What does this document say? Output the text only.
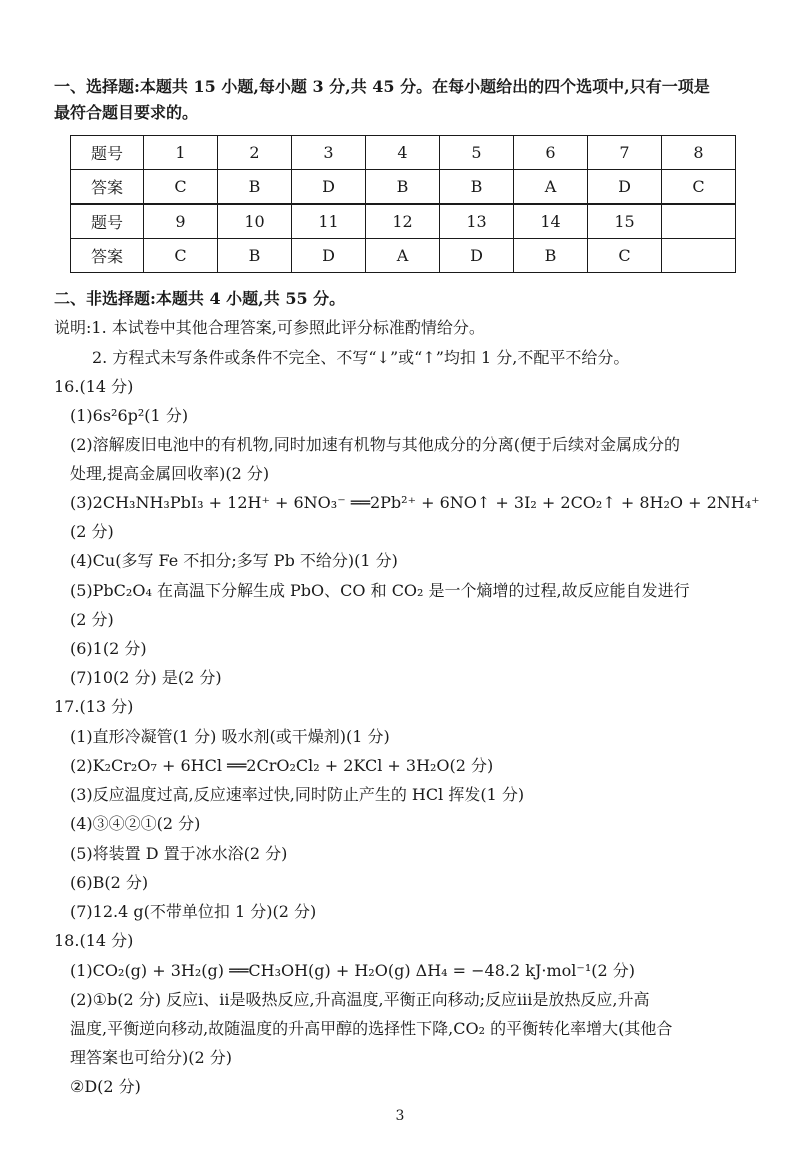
一、选择题:本题共 15 小题,每小题 3 分,共 45 分。在每小题给出的四个选项中,只有一项是
最符合题目要求的。
题号	1	2	3	4	5	6	7	8
答案	C	B	D	B	B	A	D	C
题号	9	10	11	12	13	14	15	
答案	C	B	D	A	D	B	C	
二、非选择题:本题共 4 小题,共 55 分。
说明:1. 本试卷中其他合理答案,可参照此评分标准酌情给分。
2. 方程式未写条件或条件不完全、不写“↓”或“↑”均扣 1 分,不配平不给分。
16.(14 分)
(1)6s²6p²(1 分)
(2)溶解废旧电池中的有机物,同时加速有机物与其他成分的分离(便于后续对金属成分的
处理,提高金属回收率)(2 分)
(3)2CH₃NH₃PbI₃ + 12H⁺ + 6NO₃⁻ ══2Pb²⁺ + 6NO↑ + 3I₂ + 2CO₂↑ + 8H₂O + 2NH₄⁺
(2 分)
(4)Cu(多写 Fe 不扣分;多写 Pb 不给分)(1 分)
(5)PbC₂O₄ 在高温下分解生成 PbO、CO 和 CO₂ 是一个熵增的过程,故反应能自发进行
(2 分)
(6)1(2 分)
(7)10(2 分) 是(2 分)
17.(13 分)
(1)直形冷凝管(1 分) 吸水剂(或干燥剂)(1 分)
(2)K₂Cr₂O₇ + 6HCl ══2CrO₂Cl₂ + 2KCl + 3H₂O(2 分)
(3)反应温度过高,反应速率过快,同时防止产生的 HCl 挥发(1 分)
(4)③④②①(2 分)
(5)将装置 D 置于冰水浴(2 分)
(6)B(2 分)
(7)12.4 g(不带单位扣 1 分)(2 分)
18.(14 分)
(1)CO₂(g) + 3H₂(g) ══CH₃OH(g) + H₂O(g) ΔH₄ = −48.2 kJ·mol⁻¹(2 分)
(2)①b(2 分) 反应ⅰ、ⅱ是吸热反应,升高温度,平衡正向移动;反应ⅲ是放热反应,升高
温度,平衡逆向移动,故随温度的升高甲醇的选择性下降,CO₂ 的平衡转化率增大(其他合
理答案也可给分)(2 分)
②D(2 分)
3
